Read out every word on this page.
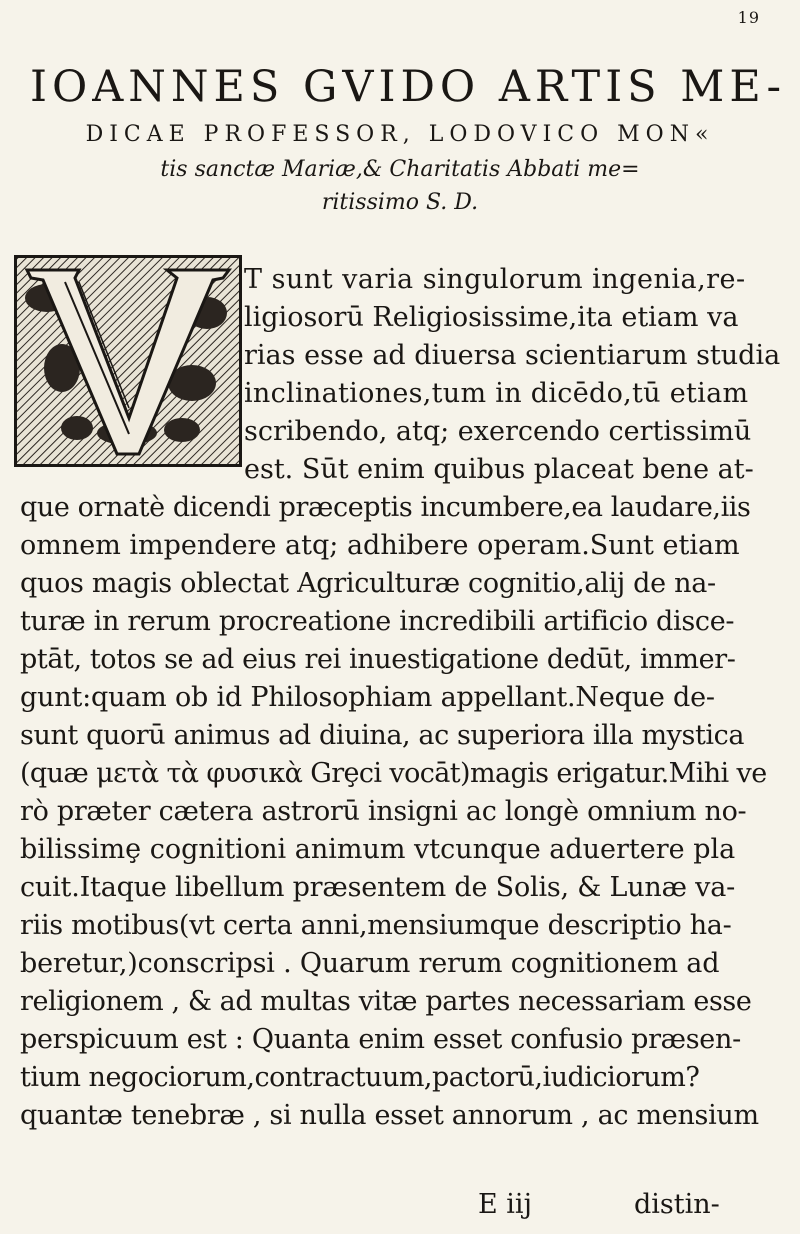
19
IOANNES GVIDO ARTIS ME-
DICAE PROFESSOR, LODOVICO MON«
tis sanctæ Mariæ,& Charitatis Abbati me=
ritissimo S. D.
T sunt varia singulorum ingenia,re-
ligiosorū Religiosissime,ita etiam va
rias esse ad diuersa scientiarum studia
inclinationes,tum in dicēdo,tū etiam
scribendo, atq; exercendo certissimū
est. Sūt enim quibus placeat bene at-
que ornatè dicendi præceptis incumbere,ea laudare,iis
omnem impendere atq; adhibere operam.Sunt etiam
quos magis oblectat Agriculturæ cognitio,alij de na-
turæ in rerum procreatione incredibili artificio disce-
ptāt, totos se ad eius rei inuestigatione dedūt, immer-
gunt:quam ob id Philosophiam appellant.Neque de-
sunt quorū animus ad diuina, ac superiora illa mystica
(quæ μετὰ τὰ φυσικὰ Grȩci vocāt)magis erigatur.Mihi ve
rò præter cætera astrorū insigni ac longè omnium no-
bilissimȩ cognitioni animum vtcunque aduertere pla
cuit.Itaque libellum præsentem de Solis, & Lunæ va-
riis motibus(vt certa anni,mensiumque descriptio ha-
beretur,)conscripsi . Quarum rerum cognitionem ad
religionem , & ad multas vitæ partes necessariam esse
perspicuum est : Quanta enim esset confusio præsen-
tium negociorum,contractuum,pactorū,iudiciorum?
quantæ tenebræ , si nulla esset annorum , ac mensium
E iij	distin-
